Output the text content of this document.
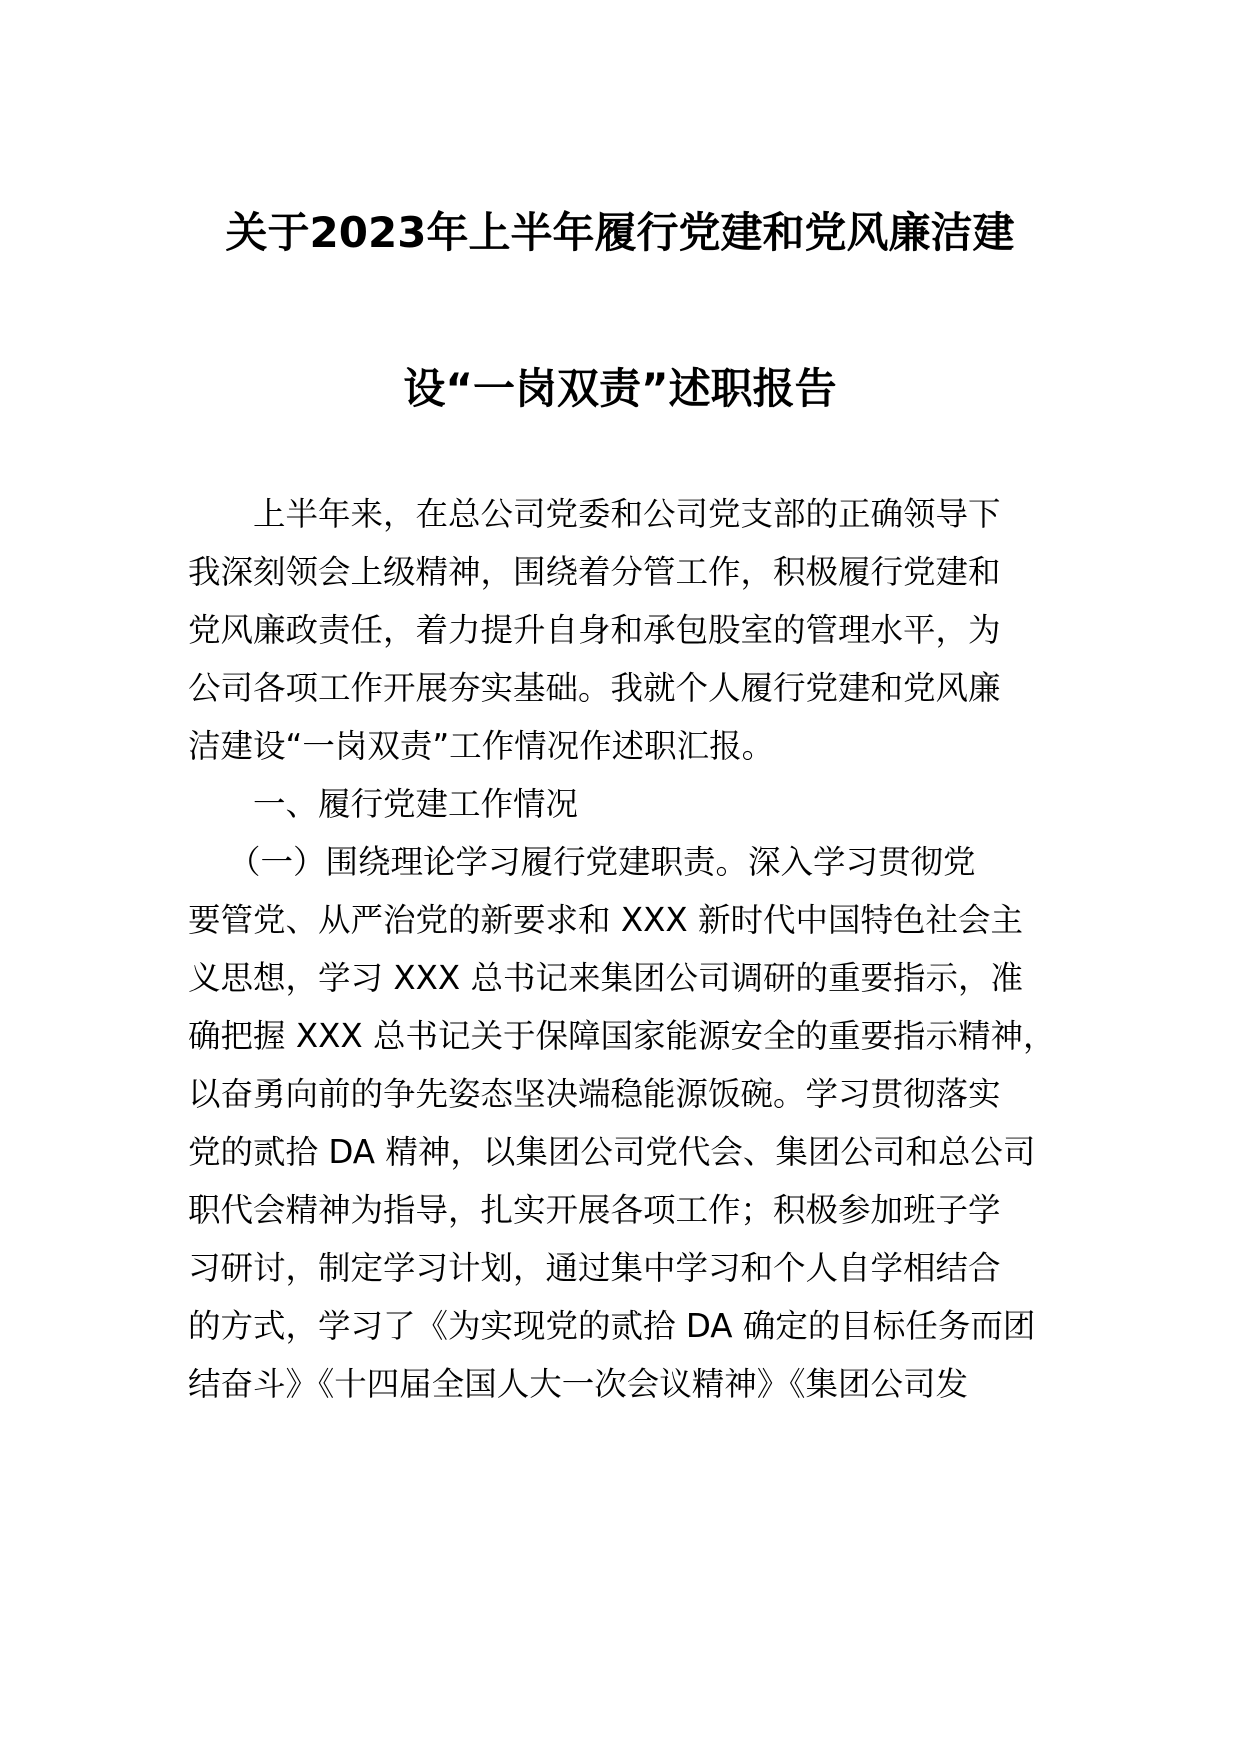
关于2023年上半年履行党建和党风廉洁建
设“一岗双责”述职报告
上半年来，在总公司党委和公司党支部的正确领导下
我深刻领会上级精神，围绕着分管工作，积极履行党建和
党风廉政责任，着力提升自身和承包股室的管理水平，为
公司各项工作开展夯实基础。我就个人履行党建和党风廉
洁建设“一岗双责”工作情况作述职汇报。
一、履行党建工作情况
（一）围绕理论学习履行党建职责。深入学习贯彻党
要管党、从严治党的新要求和 XXX 新时代中国特色社会主
义思想，学习 XXX 总书记来集团公司调研的重要指示，准
确把握 XXX 总书记关于保障国家能源安全的重要指示精神，
以奋勇向前的争先姿态坚决端稳能源饭碗。学习贯彻落实
党的贰拾 DA 精神，以集团公司党代会、集团公司和总公司
职代会精神为指导，扎实开展各项工作；积极参加班子学
习研讨，制定学习计划，通过集中学习和个人自学相结合
的方式，学习了《为实现党的贰拾 DA 确定的目标任务而团
结奋斗》《十四届全国人大一次会议精神》《集团公司发
